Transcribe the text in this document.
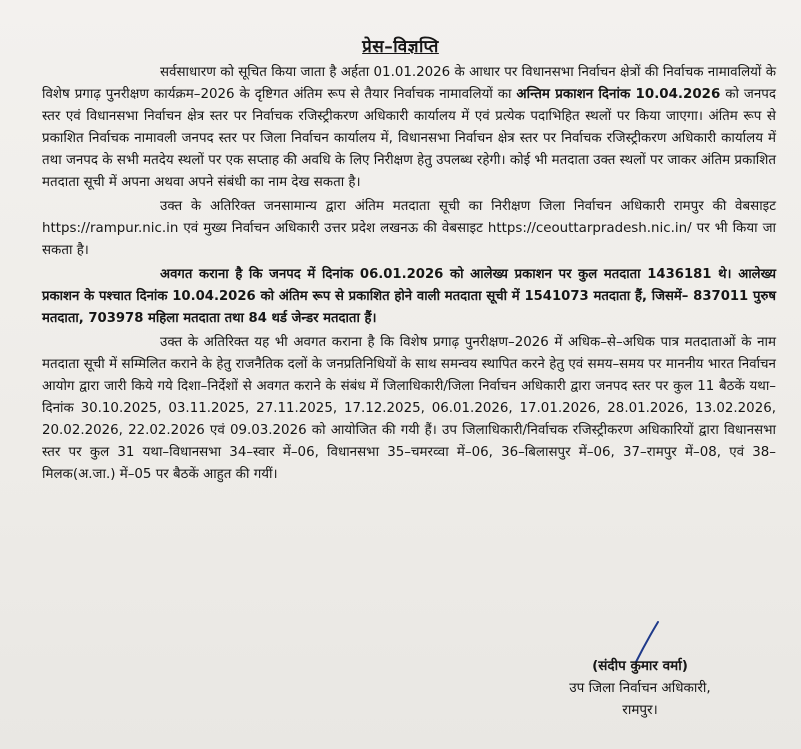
प्रेस–विज्ञप्ति

सर्वसाधारण को सूचित किया जाता है अर्हता 01.01.2026 के आधार पर विधानसभा निर्वाचन क्षेत्रों की निर्वाचक नामावलियों के विशेष प्रगाढ़ पुनरीक्षण कार्यक्रम–2026 के दृष्टिगत अंतिम रूप से तैयार निर्वाचक नामावलियों का अन्तिम प्रकाशन दिनांक 10.04.2026 को जनपद स्तर एवं विधानसभा निर्वाचन क्षेत्र स्तर पर निर्वाचक रजिस्ट्रीकरण अधिकारी कार्यालय में एवं प्रत्येक पदाभिहित स्थलों पर किया जाएगा। अंतिम रूप से प्रकाशित निर्वाचक नामावली जनपद स्तर पर जिला निर्वाचन कार्यालय में, विधानसभा निर्वाचन क्षेत्र स्तर पर निर्वाचक रजिस्ट्रीकरण अधिकारी कार्यालय में तथा जनपद के सभी मतदेय स्थलों पर एक सप्ताह की अवधि के लिए निरीक्षण हेतु उपलब्ध रहेगी। कोई भी मतदाता उक्त स्थलों पर जाकर अंतिम प्रकाशित मतदाता सूची में अपना अथवा अपने संबंधी का नाम देख सकता है।

उक्त के अतिरिक्त जनसामान्य द्वारा अंतिम मतदाता सूची का निरीक्षण जिला निर्वाचन अधिकारी रामपुर की वेबसाइट https://rampur.nic.in एवं मुख्य निर्वाचन अधिकारी उत्तर प्रदेश लखनऊ की वेबसाइट https://ceouttarpradesh.nic.in/ पर भी किया जा सकता है।

अवगत कराना है कि जनपद में दिनांक 06.01.2026 को आलेख्य प्रकाशन पर कुल मतदाता 1436181 थे। आलेख्य प्रकाशन के पश्चात दिनांक 10.04.2026 को अंतिम रूप से प्रकाशित होने वाली मतदाता सूची में 1541073 मतदाता हैं, जिसमें– 837011 पुरुष मतदाता, 703978 महिला मतदाता तथा 84 थर्ड जेन्डर मतदाता हैं।

उक्त के अतिरिक्त यह भी अवगत कराना है कि विशेष प्रगाढ़ पुनरीक्षण–2026 में अधिक–से–अधिक पात्र मतदाताओं के नाम मतदाता सूची में सम्मिलित कराने के हेतु राजनैतिक दलों के जनप्रतिनिधियों के साथ समन्वय स्थापित करने हेतु एवं समय–समय पर माननीय भारत निर्वाचन आयोग द्वारा जारी किये गये दिशा–निर्देशों से अवगत कराने के संबंध में जिलाधिकारी/जिला निर्वाचन अधिकारी द्वारा जनपद स्तर पर कुल 11 बैठकें यथा–दिनांक 30.10.2025, 03.11.2025, 27.11.2025, 17.12.2025, 06.01.2026, 17.01.2026, 28.01.2026, 13.02.2026, 20.02.2026, 22.02.2026 एवं 09.03.2026 को आयोजित की गयी हैं। उप जिलाधिकारी/निर्वाचक रजिस्ट्रीकरण अधिकारियों द्वारा विधानसभा स्तर पर कुल 31 यथा–विधानसभा 34–स्वार में–06, विधानसभा 35–चमरव्वा में–06, 36–बिलासपुर में–06, 37–रामपुर में–08, एवं 38–मिलक(अ.जा.) में–05 पर बैठकें आहुत की गयीं।

(संदीप कुमार वर्मा)
उप जिला निर्वाचन अधिकारी,
रामपुर।
